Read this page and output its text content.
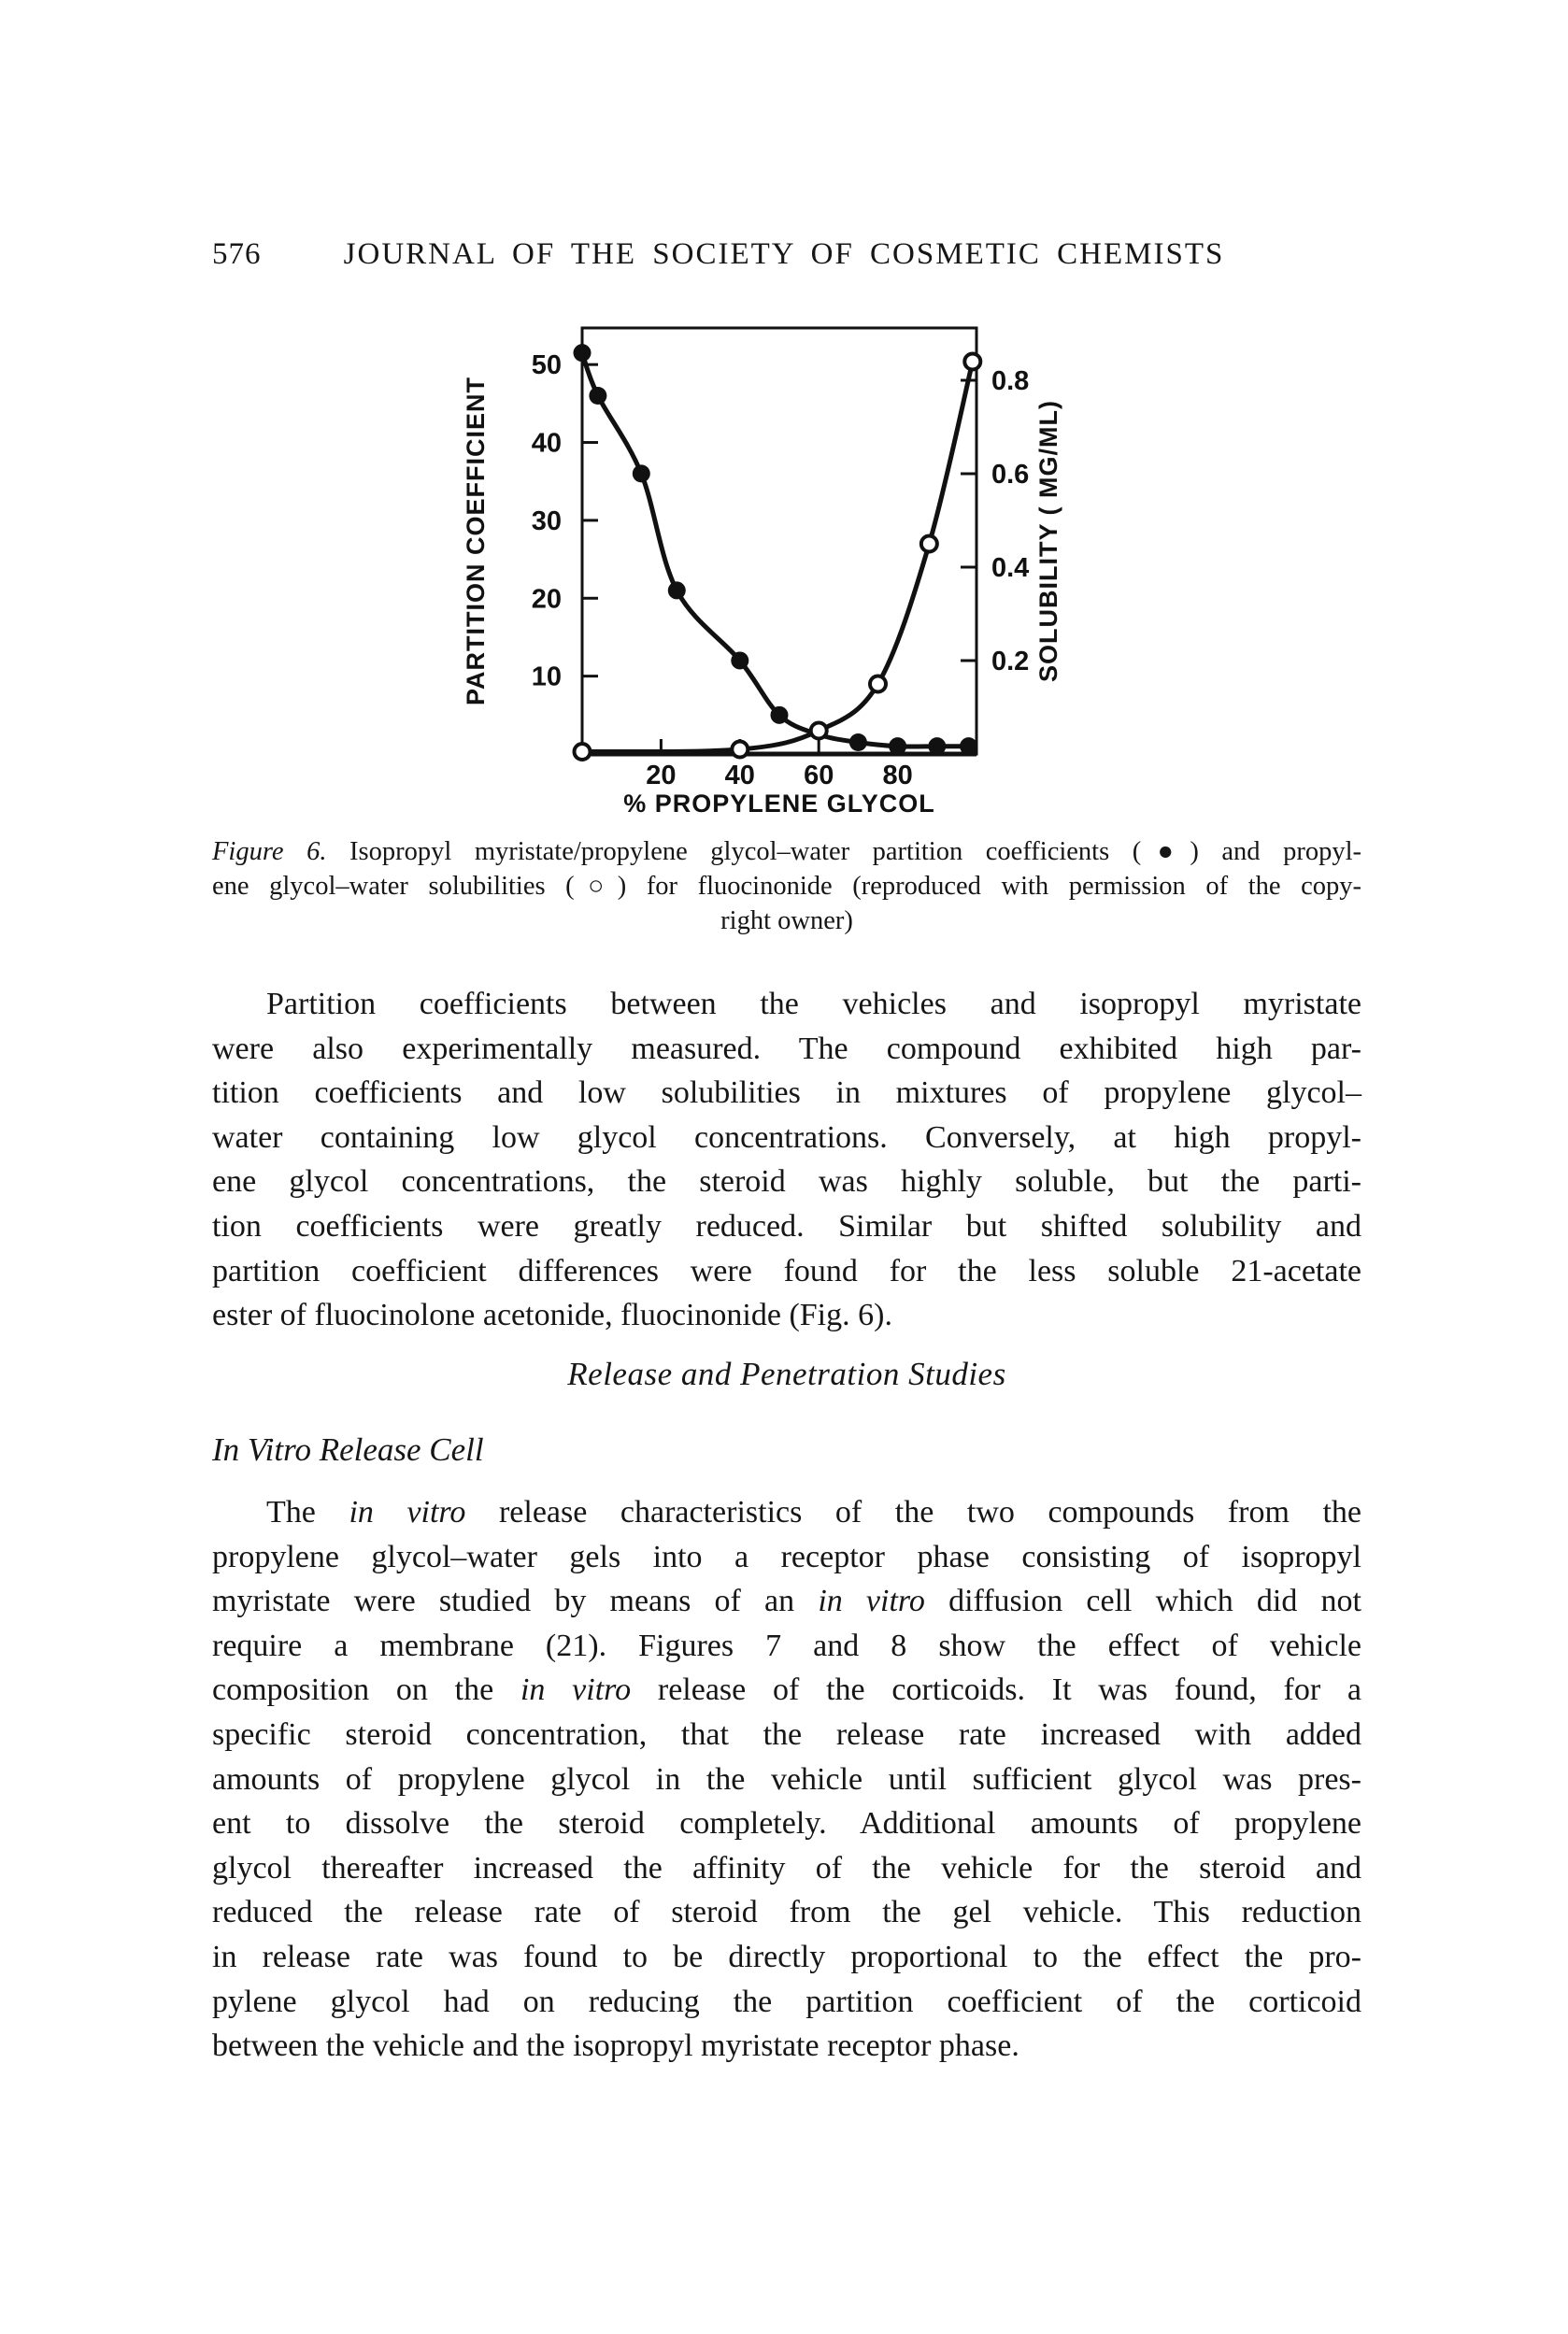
576	JOURNAL OF THE SOCIETY OF COSMETIC CHEMISTS
20 40 60 80
10
20
30
40
50
0.2
0.4
0.6
0.8
PARTITION COEFFICIENT	SOLUBILITY ( MG/ML)
% PROPYLENE GLYCOL
Figure 6. Isopropyl myristate/propylene glycol–water partition coefficients (●) and propyl-
ene glycol–water solubilities (○) for fluocinonide (reproduced with permission of the copy-
right owner)
Partition coefficients between the vehicles and isopropyl myristate
were also experimentally measured. The compound exhibited high par-
tition coefficients and low solubilities in mixtures of propylene glycol–
water containing low glycol concentrations. Conversely, at high propyl-
ene glycol concentrations, the steroid was highly soluble, but the parti-
tion coefficients were greatly reduced. Similar but shifted solubility and
partition coefficient differences were found for the less soluble 21-acetate
ester of fluocinolone acetonide, fluocinonide (Fig. 6).
Release and Penetration Studies
In Vitro Release Cell
The in vitro release characteristics of the two compounds from the
propylene glycol–water gels into a receptor phase consisting of isopropyl
myristate were studied by means of an in vitro diffusion cell which did not
require a membrane (21). Figures 7 and 8 show the effect of vehicle
composition on the in vitro release of the corticoids. It was found, for a
specific steroid concentration, that the release rate increased with added
amounts of propylene glycol in the vehicle until sufficient glycol was pres-
ent to dissolve the steroid completely. Additional amounts of propylene
glycol thereafter increased the affinity of the vehicle for the steroid and
reduced the release rate of steroid from the gel vehicle. This reduction
in release rate was found to be directly proportional to the effect the pro-
pylene glycol had on reducing the partition coefficient of the corticoid
between the vehicle and the isopropyl myristate receptor phase.
